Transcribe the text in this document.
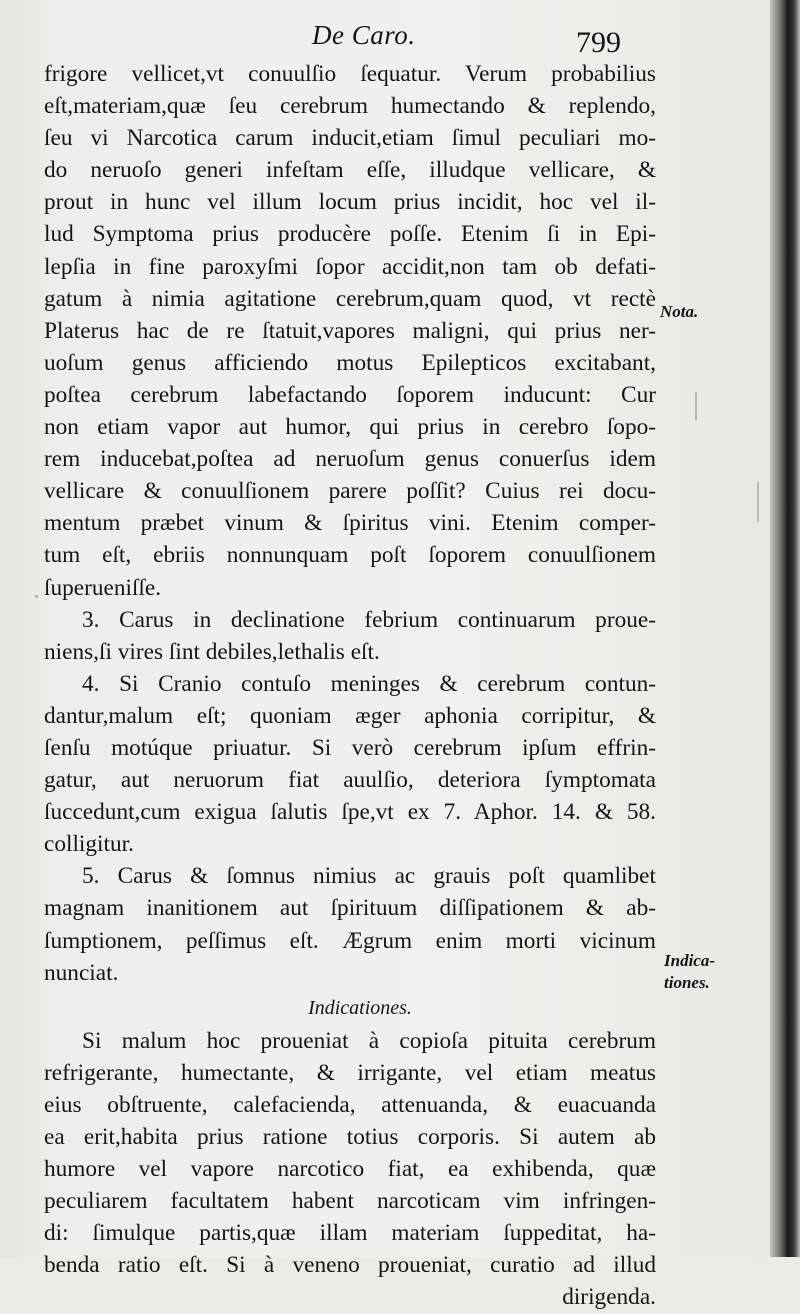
De Caro.	799
frigore vellicet,vt conuulſio ſequatur. Verum probabilius
eſt,materiam,quæ ſeu cerebrum humectando & replendo,
ſeu vi Narcotica carum inducit,etiam ſimul peculiari mo-
do neruoſo generi infeſtam eſſe, illudque vellicare, &
prout in hunc vel illum locum prius incidit, hoc vel il-
lud Symptoma prius producère poſſe. Etenim ſi in Epi-
lepſia in fine paroxyſmi ſopor accidit,non tam ob defati-
gatum à nimia agitatione cerebrum,quam quod, vt rectè
Platerus hac de re ſtatuit,vapores maligni, qui prius ner-
uoſum genus afficiendo motus Epilepticos excitabant,
poſtea cerebrum labefactando ſoporem inducunt: Cur
non etiam vapor aut humor, qui prius in cerebro ſopo-
rem inducebat,poſtea ad neruoſum genus conuerſus idem
vellicare & conuulſionem parere poſſit? Cuius rei docu-
mentum præbet vinum & ſpiritus vini. Etenim comper-
tum eſt, ebriis nonnunquam poſt ſoporem conuulſionem
ſuperueniſſe.
3. Carus in declinatione febrium continuarum proue-
niens,ſi vires ſint debiles,lethalis eſt.
4. Si Cranio contuſo meninges & cerebrum contun-
dantur,malum eſt; quoniam æger aphonia corripitur, &
ſenſu motúque priuatur. Si verò cerebrum ipſum effrin-
gatur, aut neruorum fiat auulſio, deteriora ſymptomata
ſuccedunt,cum exigua ſalutis ſpe,vt ex 7. Aphor. 14. & 58.
colligitur.
5. Carus & ſomnus nimius ac grauis poſt quamlibet
magnam inanitionem aut ſpirituum diſſipationem & ab-
ſumptionem, peſſimus eſt. Ægrum enim morti vicinum
nunciat.
Indicationes.
Si malum hoc proueniat à copioſa pituita cerebrum
refrigerante, humectante, & irrigante, vel etiam meatus
eius obſtruente, calefacienda, attenuanda, & euacuanda
ea erit,habita prius ratione totius corporis. Si autem ab
humore vel vapore narcotico fiat, ea exhibenda, quæ
peculiarem facultatem habent narcoticam vim infringen-
di: ſimulque partis,quæ illam materiam ſuppeditat, ha-
benda ratio eſt. Si à veneno proueniat, curatio ad illud
dirigenda.
Nota.
Indica-
tiones.
